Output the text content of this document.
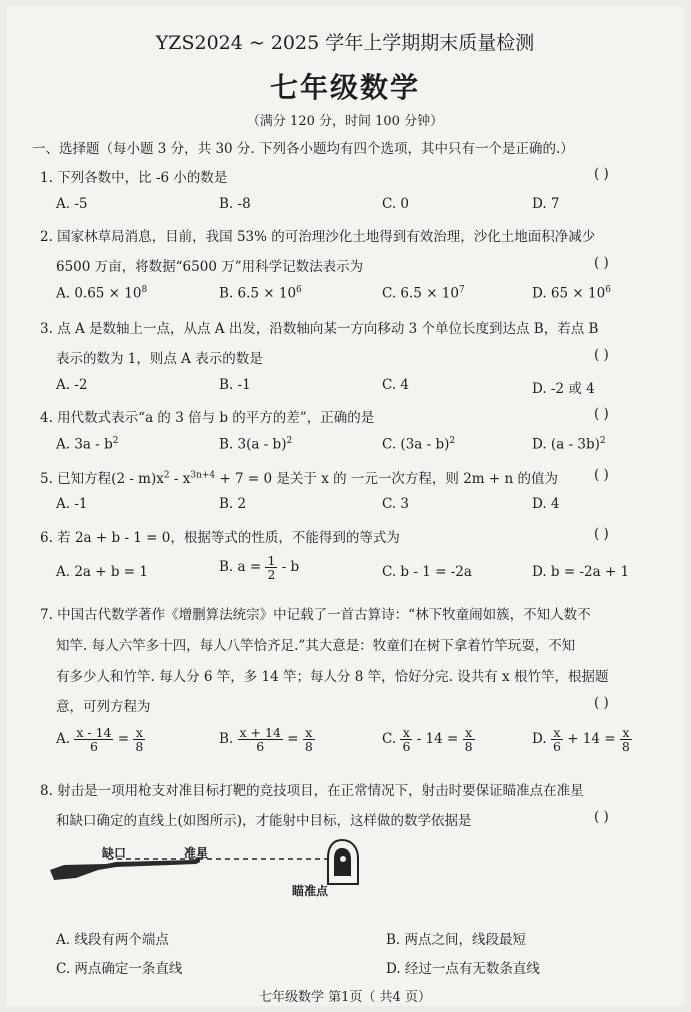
YZS2024 ~ 2025 学年上学期期末质量检测
七年级数学
（满分 120 分，时间 100 分钟）
一、选择题（每小题 3 分，共 30 分. 下列各小题均有四个选项，其中只有一个是正确的.）
1. 下列各数中，比 -6 小的数是	( )
A. -5	B. -8	C. 0	D. 7
2. 国家林草局消息，目前，我国 53% 的可治理沙化土地得到有效治理，沙化土地面积净减少
6500 万亩，将数据“6500 万”用科学记数法表示为	( )
A. $0.65 \times 10^8$	B. $6.5 \times 10^6$	C. $6.5 \times 10^7$	D. $65 \times 10^6$
3. 点 A 是数轴上一点，从点 A 出发，沿数轴向某一方向移动 3 个单位长度到达点 B，若点 B
表示的数为 1，则点 A 表示的数是	( )
A. -2	B. -1	C. 4	D. -2 或 4
4. 用代数式表示“a 的 3 倍与 b 的平方的差”，正确的是	( )
A. $3a - b^2$	B. 3(a - b)$^2$	C. (3a - b)$^2$	D. (a - 3b)$^2$
5. 已知方程$(2 - m)x^2 - x^{3n+4} + 7 = 0$ 是关于 x 的 一元一次方程，则 2m + n 的值为	( )
A. -1	B. 2	C. 3	D. 4
6. 若 2a + b - 1 = 0，根据等式的性质，不能得到的等式为	( )
A. 2a + b = 1	B. $a = \frac{1}{2} - b$	C. b - 1 = -2a	D. b = -2a + 1
7. 中国古代数学著作《增删算法统宗》中记载了一首古算诗：“林下牧童闹如簇，不知人数不
知竿. 每人六竿多十四，每人八竿恰齐足.”其大意是：牧童们在树下拿着竹竿玩耍，不知
有多少人和竹竿. 每人分 6 竿，多 14 竿；每人分 8 竿，恰好分完. 设共有 x 根竹竿，根据题
意，可列方程为	( )
A. $\frac{x - 14}{6} = \frac{x}{8}$	B. $\frac{x + 14}{6} = \frac{x}{8}$	C. $\frac{x}{6} - 14 = \frac{x}{8}$	D. $\frac{x}{6} + 14 = \frac{x}{8}$
8. 射击是一项用枪支对准目标打靶的竞技项目，在正常情况下，射击时要保证瞄准点在准星
和缺口确定的直线上(如图所示)，才能射中目标，这样做的数学依据是	( )
缺口	准星
瞄准点
A. 线段有两个端点	B. 两点之间，线段最短
C. 两点确定一条直线	D. 经过一点有无数条直线
七年级数学 第1页（ 共4 页）
